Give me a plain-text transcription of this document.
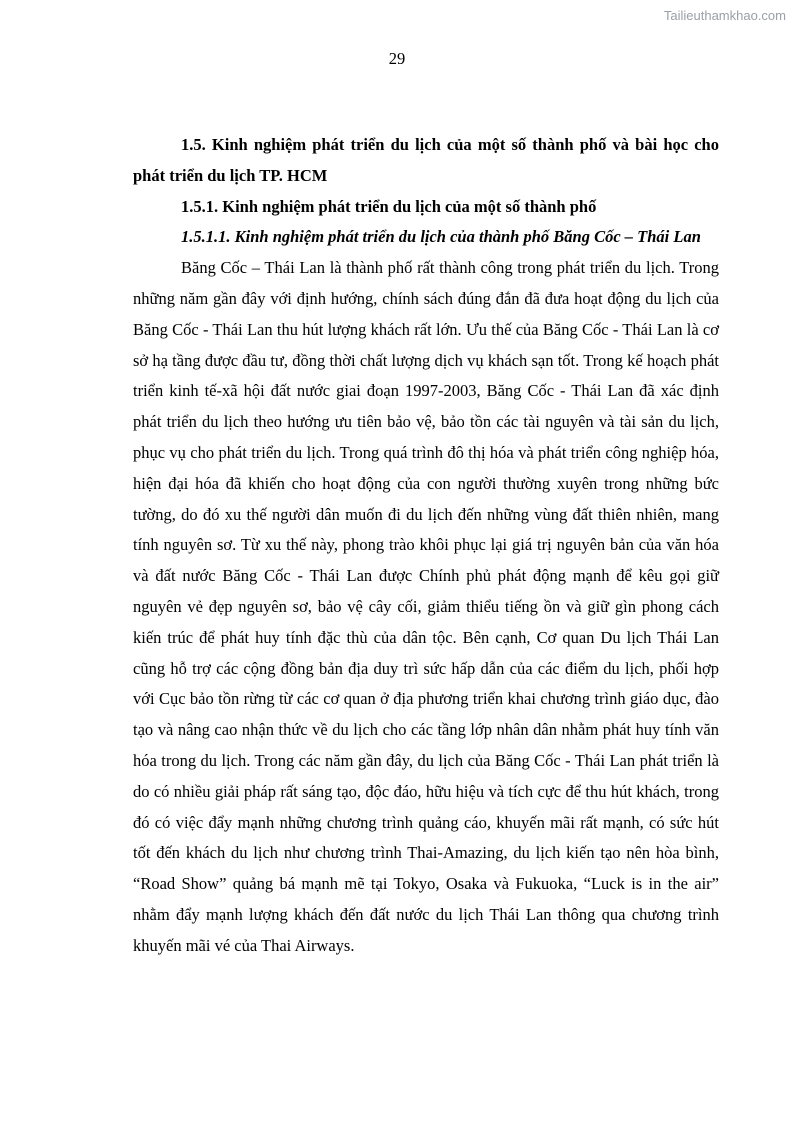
Tailieuthamkhao.com
29

1.5. Kinh nghiệm phát triển du lịch của một số thành phố và bài học cho phát triển du lịch TP. HCM

1.5.1. Kinh nghiệm phát triển du lịch của một số thành phố

1.5.1.1. Kinh nghiệm phát triển du lịch của thành phố Băng Cốc – Thái Lan

Băng Cốc – Thái Lan là thành phố rất thành công trong phát triển du lịch. Trong những năm gần đây với định hướng, chính sách đúng đắn đã đưa hoạt động du lịch của Băng Cốc - Thái Lan thu hút lượng khách rất lớn. Ưu thế của Băng Cốc - Thái Lan là cơ sở hạ tầng được đầu tư, đồng thời chất lượng dịch vụ khách sạn tốt. Trong kế hoạch phát triển kinh tế-xã hội đất nước giai đoạn 1997-2003, Băng Cốc - Thái Lan đã xác định phát triển du lịch theo hướng ưu tiên bảo vệ, bảo tồn các tài nguyên và tài sản du lịch, phục vụ cho phát triển du lịch. Trong quá trình đô thị hóa và phát triển công nghiệp hóa, hiện đại hóa đã khiến cho hoạt động của con người thường xuyên trong những bức tường, do đó xu thế người dân muốn đi du lịch đến những vùng đất thiên nhiên, mang tính nguyên sơ. Từ xu thế này, phong trào khôi phục lại giá trị nguyên bản của văn hóa và đất nước Băng Cốc - Thái Lan được Chính phủ phát động mạnh để kêu gọi giữ nguyên vẻ đẹp nguyên sơ, bảo vệ cây cối, giảm thiểu tiếng ồn và giữ gìn phong cách kiến trúc để phát huy tính đặc thù của dân tộc. Bên cạnh, Cơ quan Du lịch Thái Lan cũng hỗ trợ các cộng đồng bản địa duy trì sức hấp dẫn của các điểm du lịch, phối hợp với Cục bảo tồn rừng từ các cơ quan ở địa phương triển khai chương trình giáo dục, đào tạo và nâng cao nhận thức về du lịch cho các tầng lớp nhân dân nhằm phát huy tính văn hóa trong du lịch. Trong các năm gần đây, du lịch của Băng Cốc - Thái Lan phát triển là do có nhiều giải pháp rất sáng tạo, độc đáo, hữu hiệu và tích cực để thu hút khách, trong đó có việc đẩy mạnh những chương trình quảng cáo, khuyến mãi rất mạnh, có sức hút tốt đến khách du lịch như chương trình Thai-Amazing, du lịch kiến tạo nên hòa bình, “Road Show” quảng bá mạnh mẽ tại Tokyo, Osaka và Fukuoka, “Luck is in the air” nhằm đẩy mạnh lượng khách đến đất nước du lịch Thái Lan thông qua chương trình khuyến mãi vé của Thai Airways.
